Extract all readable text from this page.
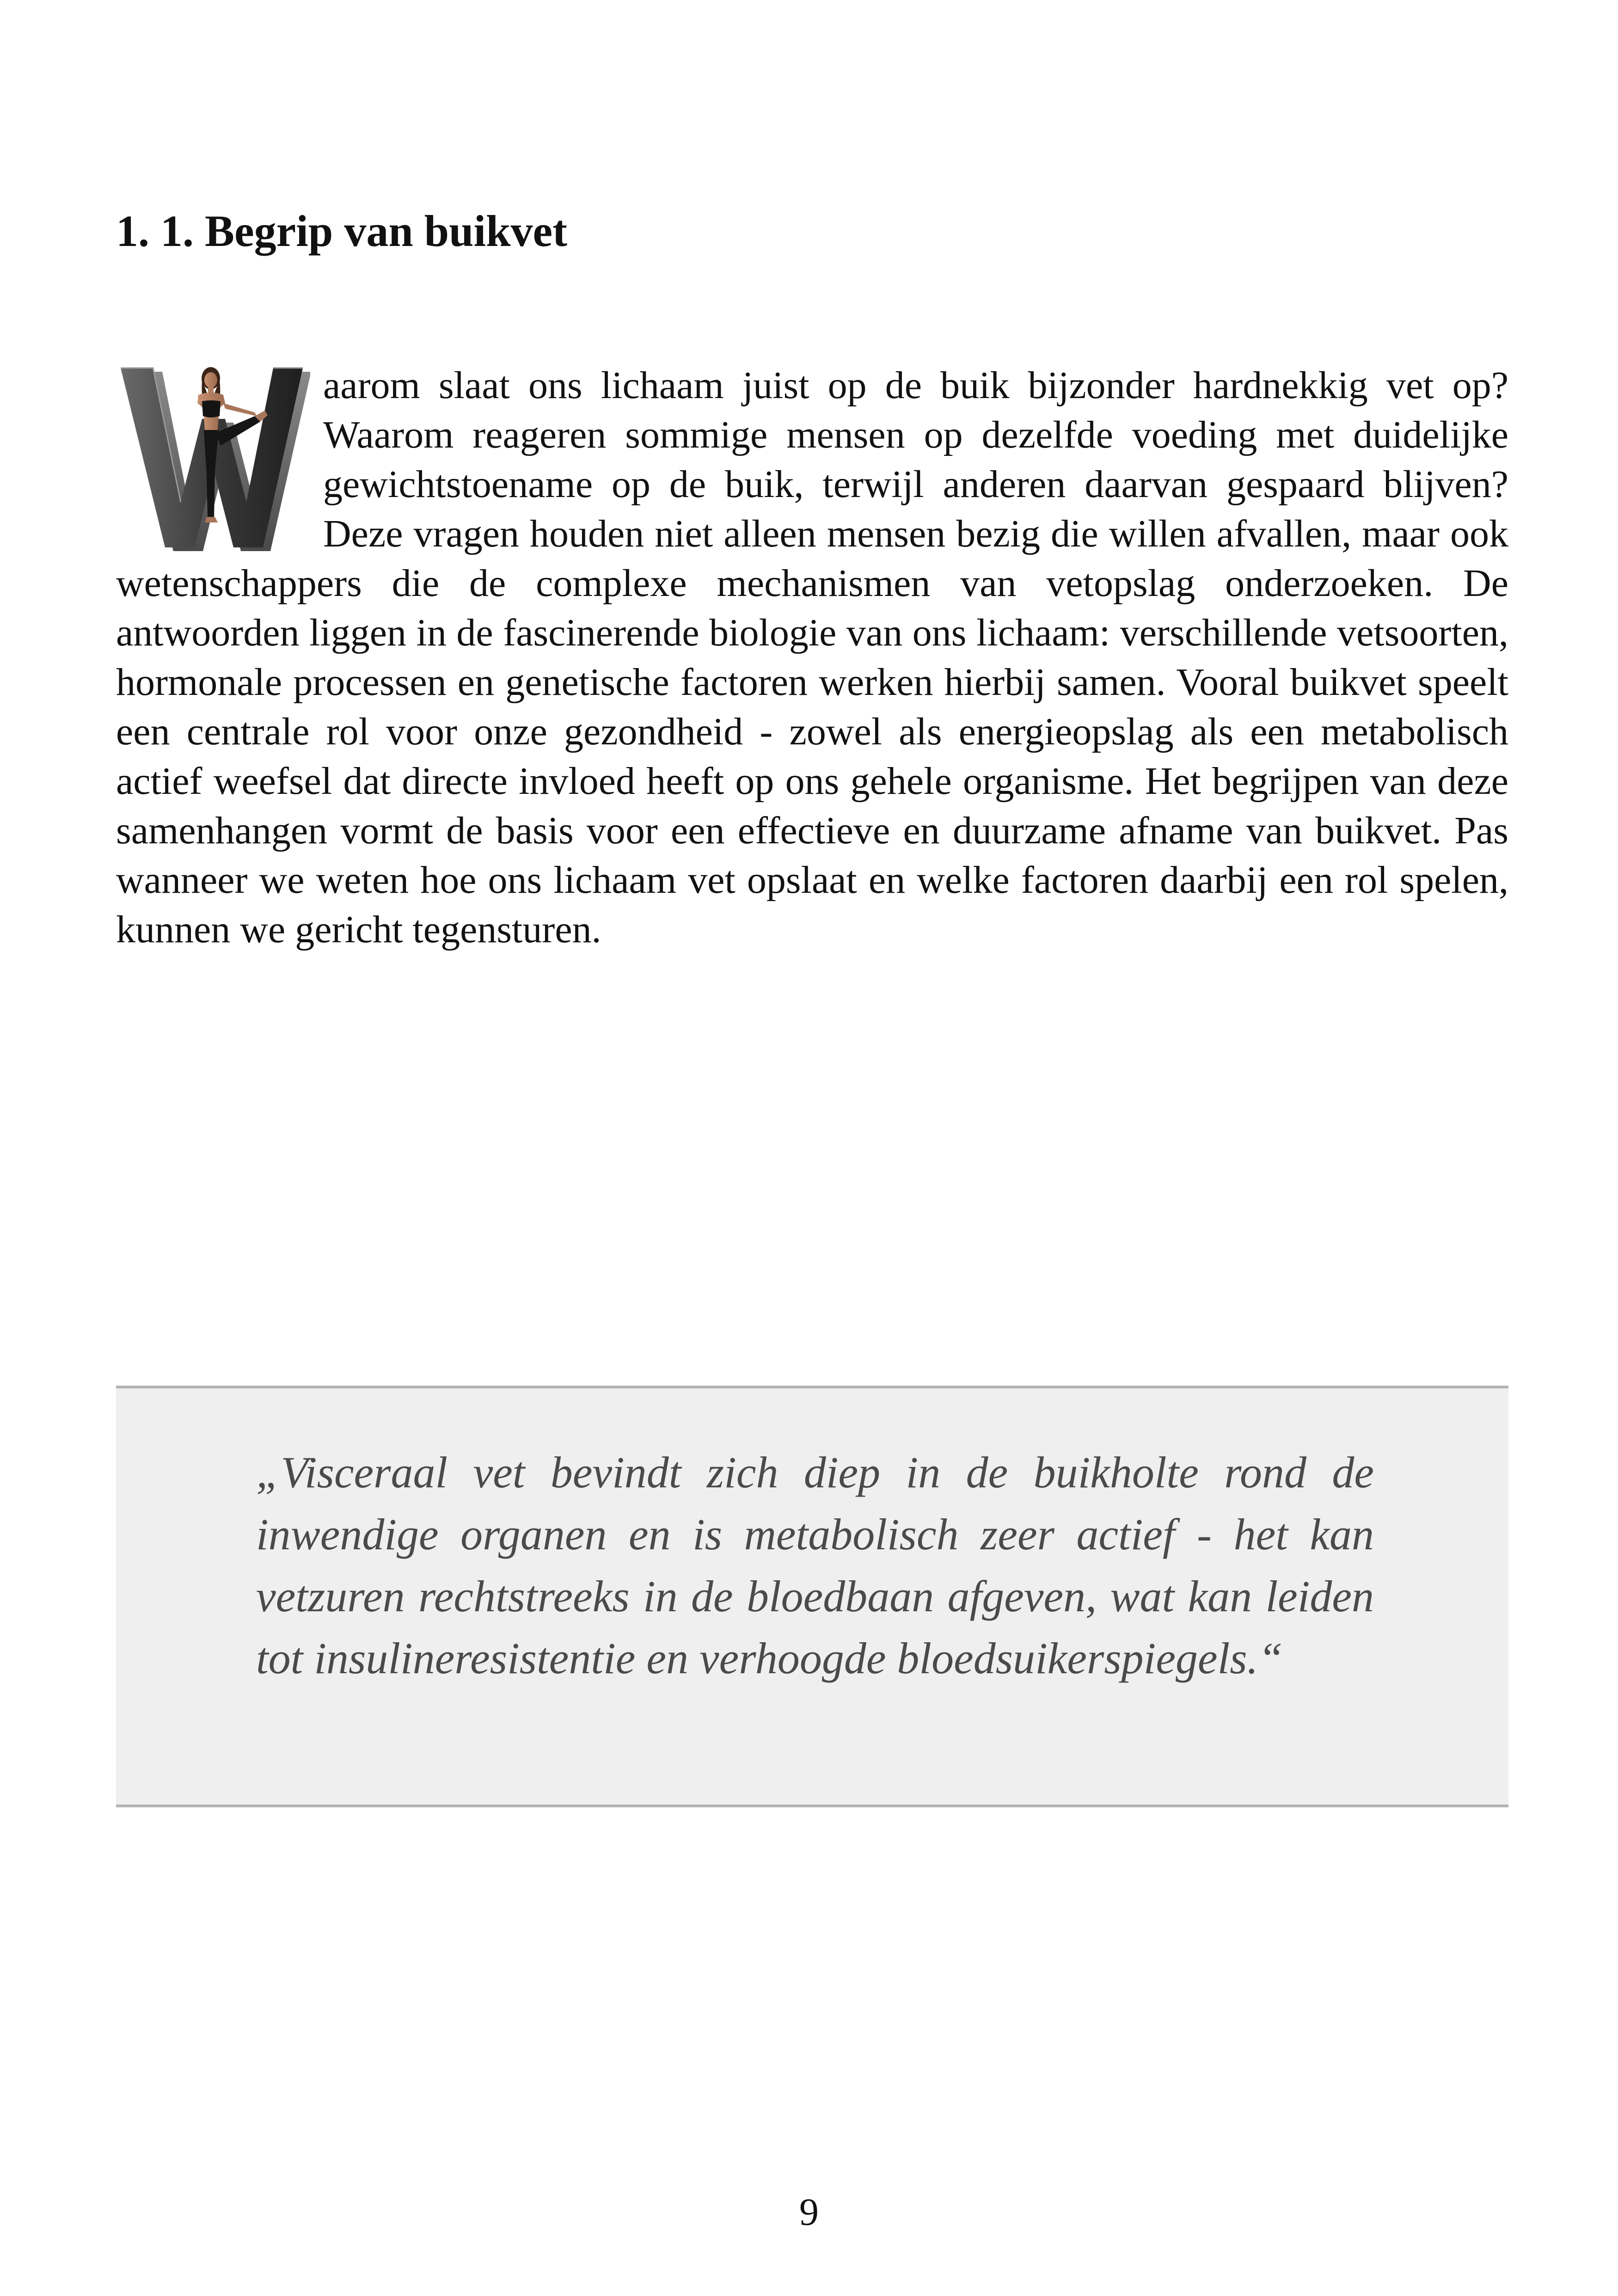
1. 1. Begrip van buikvet

aarom slaat ons lichaam juist op de buik bijzonder hardnekkig vet op? Waarom reageren sommige mensen op dezelfde voeding met duidelijke gewichtstoename op de buik, terwijl anderen daarvan gespaard blijven? Deze vragen houden niet alleen mensen bezig die willen afvallen, maar ook wetenschappers die de complexe mechanismen van vetopslag onderzoeken. De antwoorden liggen in de fascinerende biologie van ons lichaam: verschillende vetsoorten, hormonale processen en genetische factoren werken hierbij samen. Vooral buikvet speelt een centrale rol voor onze gezondheid - zowel als energieopslag als een metabolisch actief weefsel dat directe invloed heeft op ons gehele organisme. Het begrijpen van deze samenhangen vormt de basis voor een effectieve en duurzame afname van buikvet. Pas wanneer we weten hoe ons lichaam vet opslaat en welke factoren daarbij een rol spelen, kunnen we gericht tegensturen.

„Visceraal vet bevindt zich diep in de buikholte rond de inwendige organen en is metabolisch zeer actief - het kan vetzuren rechtstreeks in de bloedbaan afgeven, wat kan leiden tot insulineresistentie en verhoogde bloedsuikerspiegels.“

9
